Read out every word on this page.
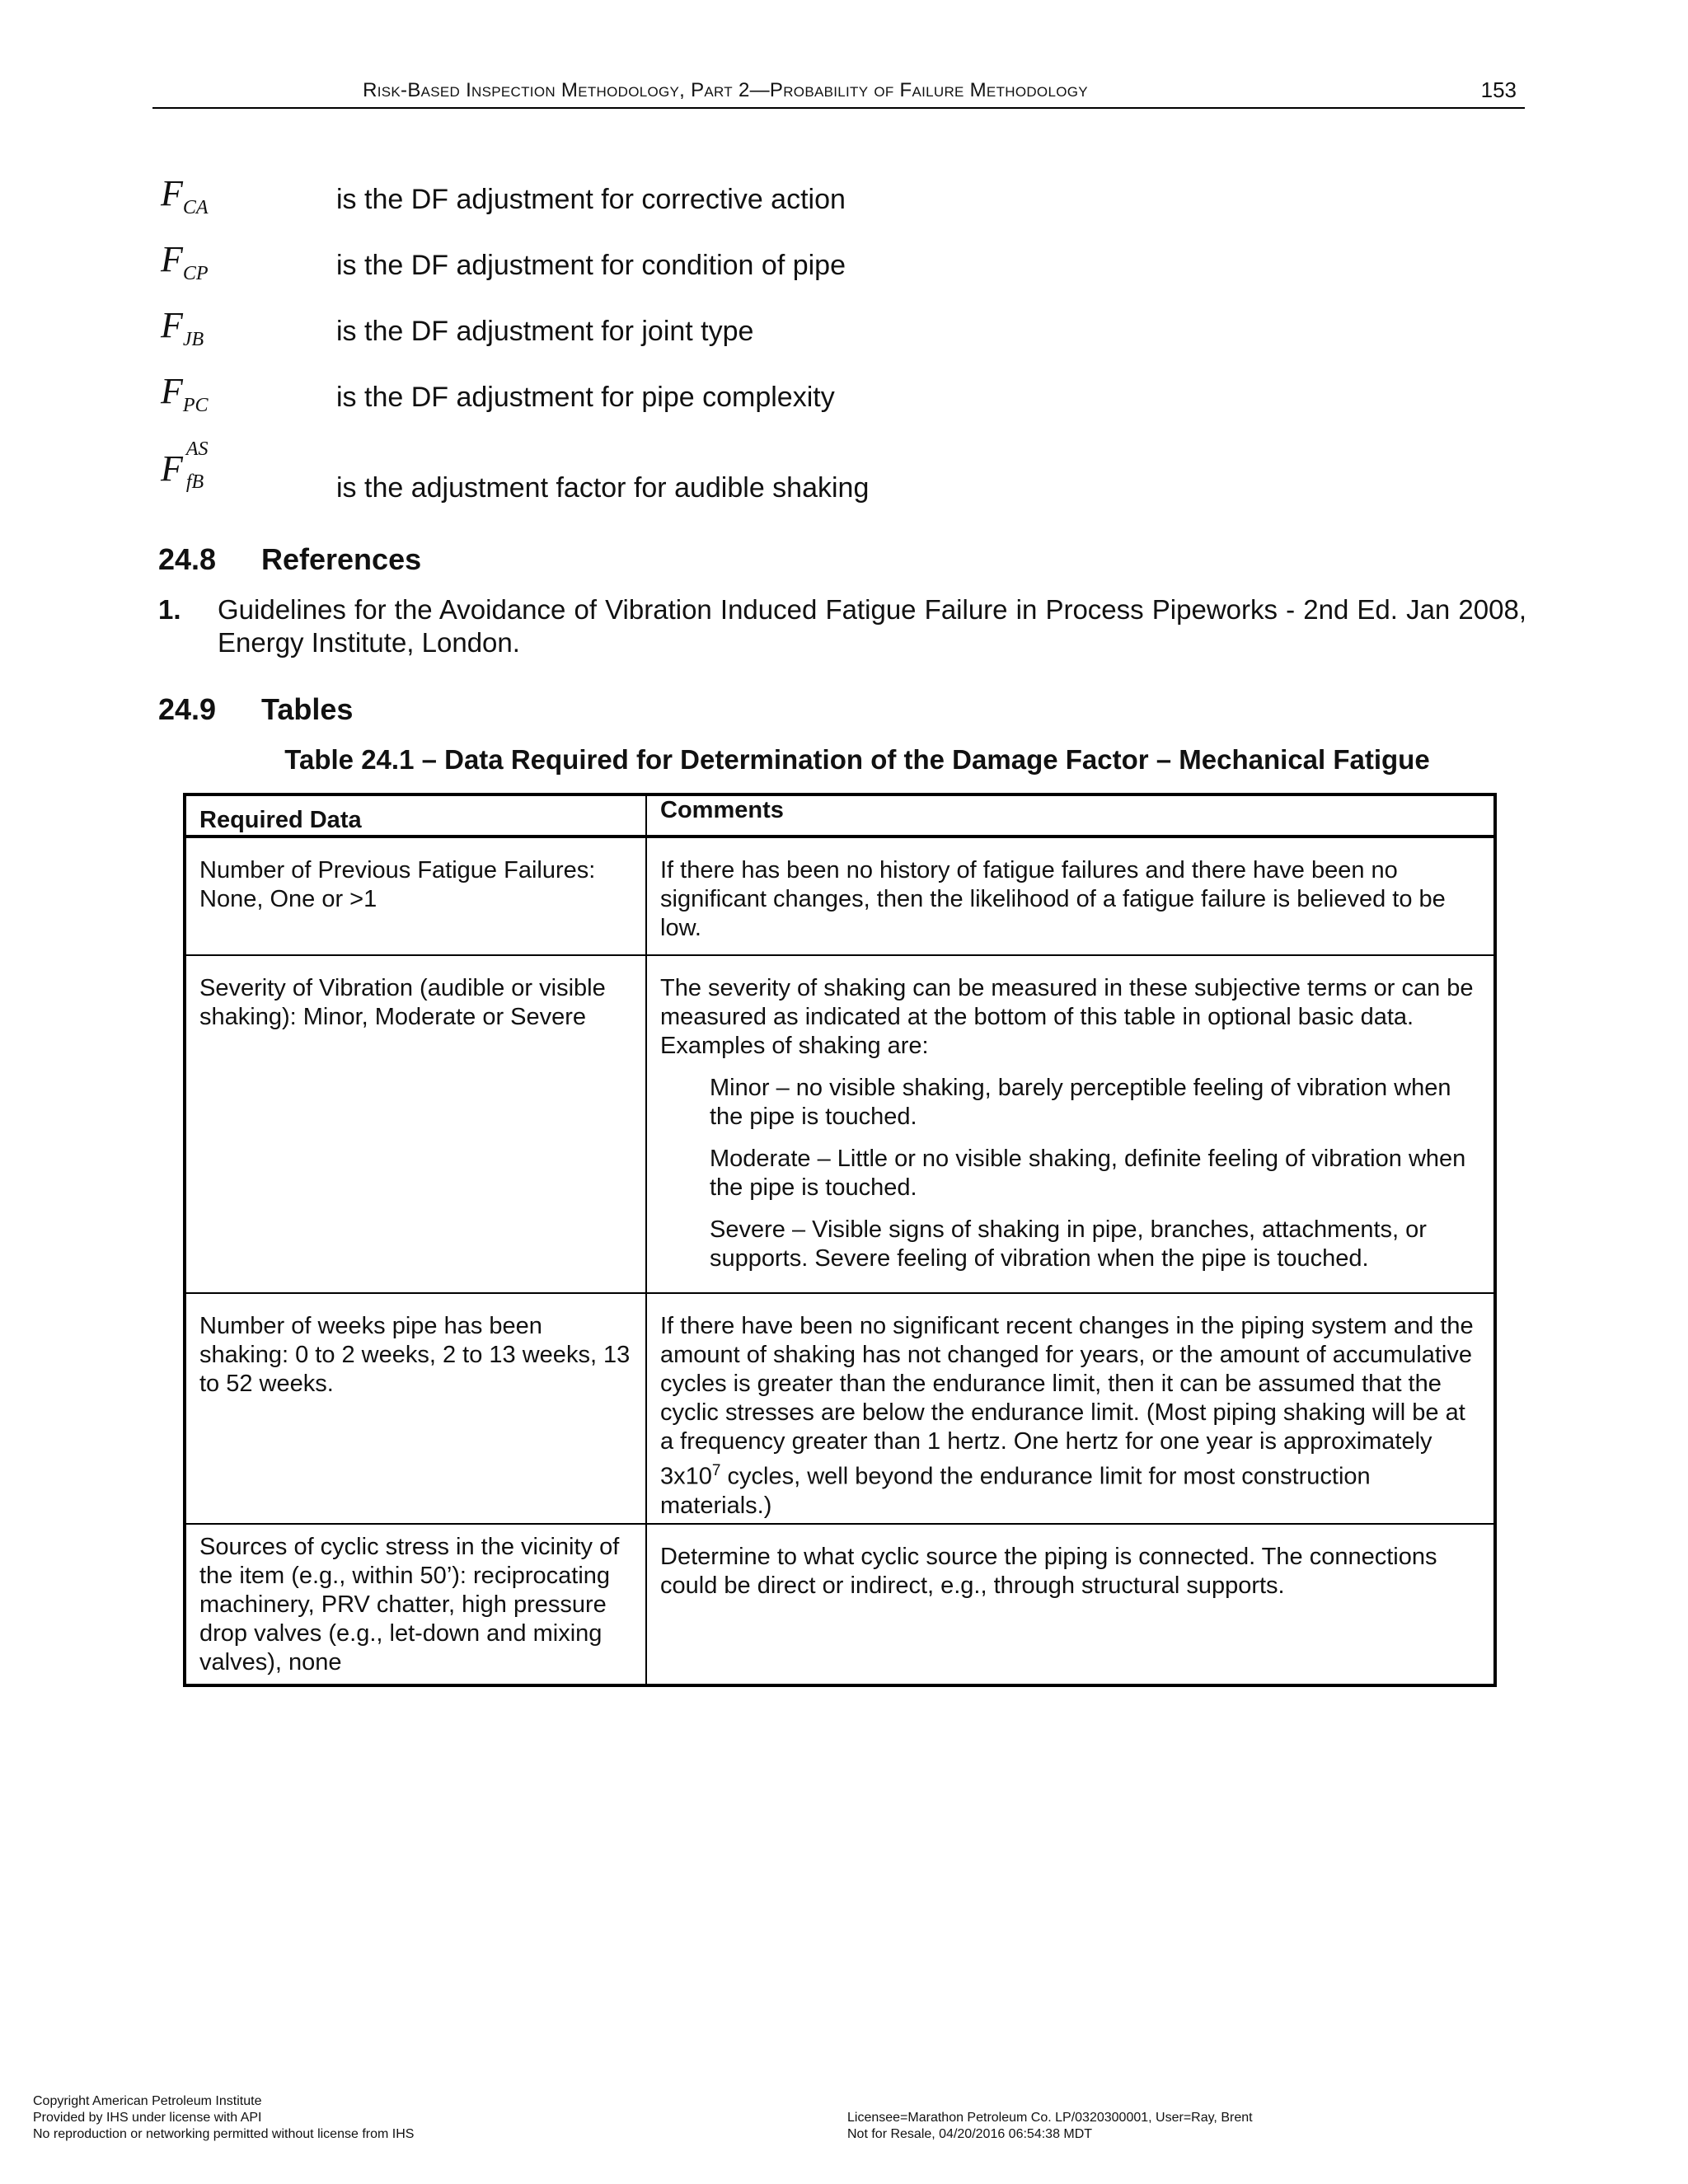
Risk-Based Inspection Methodology, Part 2—Probability of Failure Methodology	153
$F_{CA}$	is the DF adjustment for corrective action
$F_{CP}$	is the DF adjustment for condition of pipe
$F_{JB}$	is the DF adjustment for joint type
$F_{PC}$	is the DF adjustment for pipe complexity
F AS
fB	is the adjustment factor for audible shaking
24.8 References
1. Guidelines for the Avoidance of Vibration Induced Fatigue Failure in Process Pipeworks - 2nd Ed. Jan 2008, Energy Institute, London.
24.9 Tables
Table 24.1 – Data Required for Determination of the Damage Factor – Mechanical Fatigue
Required Data	Comments

Number of Previous Fatigue Failures: None, One or >1	If there has been no history of fatigue failures and there have been no significant changes, then the likelihood of a fatigue failure is believed to be low.

Severity of Vibration (audible or visible shaking): Minor, Moderate or Severe	The severity of shaking can be measured in these subjective terms or can be measured as indicated at the bottom of this table in optional basic data. Examples of shaking are:
Minor – no visible shaking, barely perceptible feeling of vibration when the pipe is touched.
Moderate – Little or no visible shaking, definite feeling of vibration when the pipe is touched.
Severe – Visible signs of shaking in pipe, branches, attachments, or supports. Severe feeling of vibration when the pipe is touched.

Number of weeks pipe has been shaking: 0 to 2 weeks, 2 to 13 weeks, 13 to 52 weeks.	If there have been no significant recent changes in the piping system and the amount of shaking has not changed for years, or the amount of accumulative cycles is greater than the endurance limit, then it can be assumed that the cyclic stresses are below the endurance limit. (Most piping shaking will be at a frequency greater than 1 hertz. One hertz for one year is approximately $3x10^7$ cycles, well beyond the endurance limit for most construction materials.)

Sources of cyclic stress in the vicinity of the item (e.g., within 50’): reciprocating machinery, PRV chatter, high pressure drop valves (e.g., let-down and mixing valves), none	Determine to what cyclic source the piping is connected. The connections could be direct or indirect, e.g., through structural supports.
Copyright American Petroleum Institute
Provided by IHS under license with API
No reproduction or networking permitted without license from IHS
Licensee=Marathon Petroleum Co. LP/0320300001, User=Ray, Brent
Not for Resale, 04/20/2016 06:54:38 MDT
